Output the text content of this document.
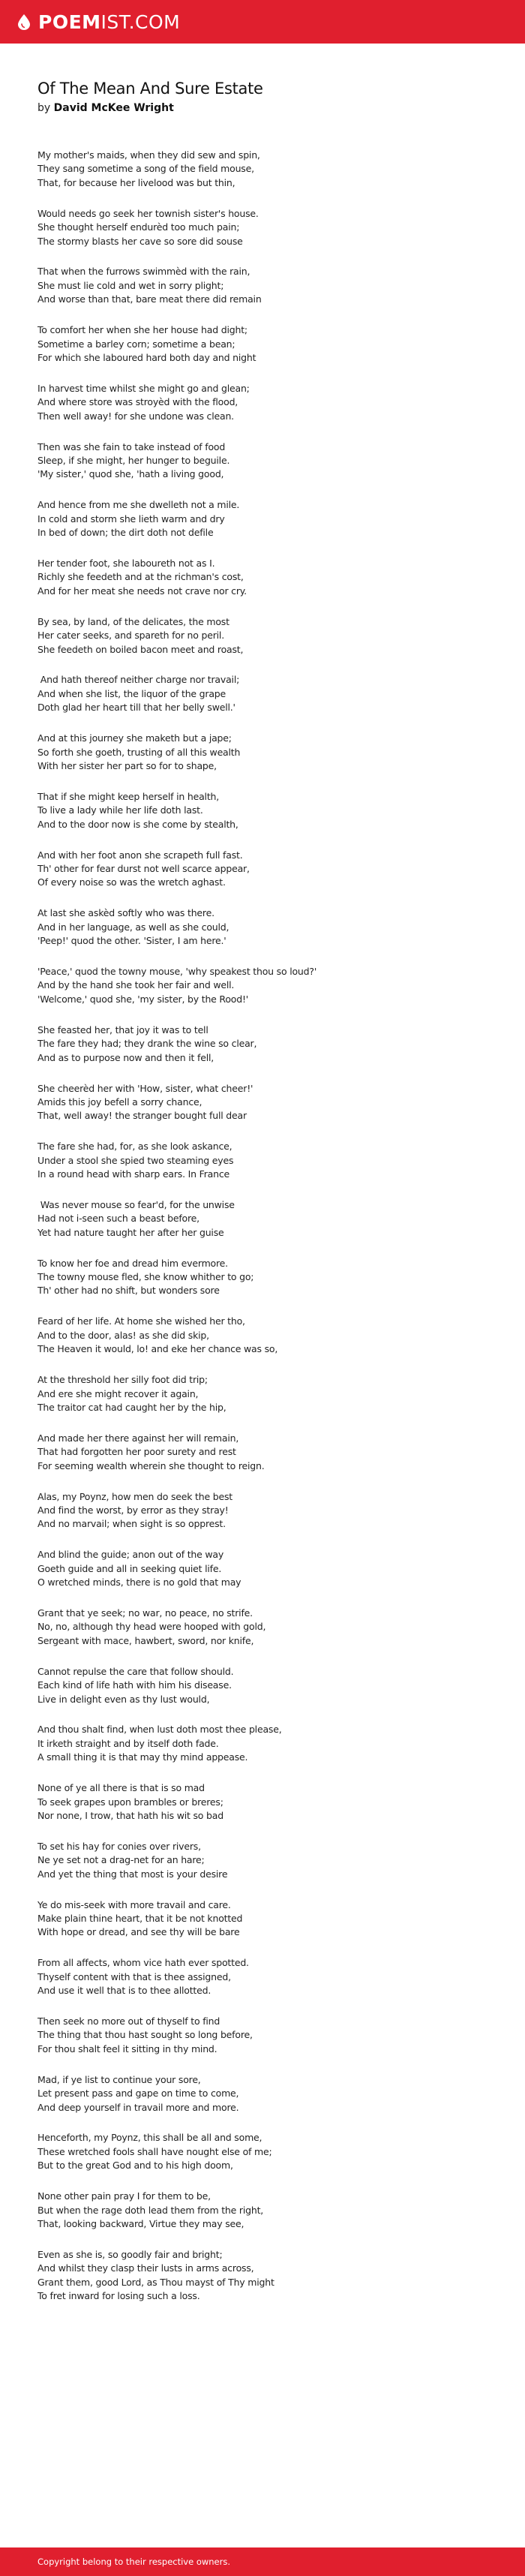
POEMIST.COM
Of The Mean And Sure Estate
by David McKee Wright

My mother's maids, when they did sew and spin,
They sang sometime a song of the field mouse,
That, for because her livelood was but thin,

Would needs go seek her townish sister's house.
She thought herself endurèd too much pain;
The stormy blasts her cave so sore did souse

That when the furrows swimmèd with the rain,
She must lie cold and wet in sorry plight;
And worse than that, bare meat there did remain

To comfort her when she her house had dight;
Sometime a barley corn; sometime a bean;
For which she laboured hard both day and night

In harvest time whilst she might go and glean;
And where store was stroyèd with the flood,
Then well away! for she undone was clean.

Then was she fain to take instead of food
Sleep, if she might, her hunger to beguile.
'My sister,' quod she, 'hath a living good,

And hence from me she dwelleth not a mile.
In cold and storm she lieth warm and dry
In bed of down; the dirt doth not defile

Her tender foot, she laboureth not as I.
Richly she feedeth and at the richman's cost,
And for her meat she needs not crave nor cry.

By sea, by land, of the delicates, the most
Her cater seeks, and spareth for no peril.
She feedeth on boiled bacon meet and roast,

And hath thereof neither charge nor travail;
And when she list, the liquor of the grape
Doth glad her heart till that her belly swell.'

And at this journey she maketh but a jape;
So forth she goeth, trusting of all this wealth
With her sister her part so for to shape,

That if she might keep herself in health,
To live a lady while her life doth last.
And to the door now is she come by stealth,

And with her foot anon she scrapeth full fast.
Th' other for fear durst not well scarce appear,
Of every noise so was the wretch aghast.

At last she askèd softly who was there.
And in her language, as well as she could,
'Peep!' quod the other. 'Sister, I am here.'

'Peace,' quod the towny mouse, 'why speakest thou so loud?'
And by the hand she took her fair and well.
'Welcome,' quod she, 'my sister, by the Rood!'

She feasted her, that joy it was to tell
The fare they had; they drank the wine so clear,
And as to purpose now and then it fell,

She cheerèd her with 'How, sister, what cheer!'
Amids this joy befell a sorry chance,
That, well away! the stranger bought full dear

The fare she had, for, as she look askance,
Under a stool she spied two steaming eyes
In a round head with sharp ears. In France

Was never mouse so fear'd, for the unwise
Had not i-seen such a beast before,
Yet had nature taught her after her guise

To know her foe and dread him evermore.
The towny mouse fled, she know whither to go;
Th' other had no shift, but wonders sore

Feard of her life. At home she wished her tho,
And to the door, alas! as she did skip,
The Heaven it would, lo! and eke her chance was so,

At the threshold her silly foot did trip;
And ere she might recover it again,
The traitor cat had caught her by the hip,

And made her there against her will remain,
That had forgotten her poor surety and rest
For seeming wealth wherein she thought to reign.

Alas, my Poynz, how men do seek the best
And find the worst, by error as they stray!
And no marvail; when sight is so opprest.

And blind the guide; anon out of the way
Goeth guide and all in seeking quiet life.
O wretched minds, there is no gold that may

Grant that ye seek; no war, no peace, no strife.
No, no, although thy head were hooped with gold,
Sergeant with mace, hawbert, sword, nor knife,

Cannot repulse the care that follow should.
Each kind of life hath with him his disease.
Live in delight even as thy lust would,

And thou shalt find, when lust doth most thee please,
It irketh straight and by itself doth fade.
A small thing it is that may thy mind appease.

None of ye all there is that is so mad
To seek grapes upon brambles or breres;
Nor none, I trow, that hath his wit so bad

To set his hay for conies over rivers,
Ne ye set not a drag-net for an hare;
And yet the thing that most is your desire

Ye do mis-seek with more travail and care.
Make plain thine heart, that it be not knotted
With hope or dread, and see thy will be bare

From all affects, whom vice hath ever spotted.
Thyself content with that is thee assigned,
And use it well that is to thee allotted.

Then seek no more out of thyself to find
The thing that thou hast sought so long before,
For thou shalt feel it sitting in thy mind.

Mad, if ye list to continue your sore,
Let present pass and gape on time to come,
And deep yourself in travail more and more.

Henceforth, my Poynz, this shall be all and some,
These wretched fools shall have nought else of me;
But to the great God and to his high doom,

None other pain pray I for them to be,
But when the rage doth lead them from the right,
That, looking backward, Virtue they may see,

Even as she is, so goodly fair and bright;
And whilst they clasp their lusts in arms across,
Grant them, good Lord, as Thou mayst of Thy might
To fret inward for losing such a loss.

Copyright belong to their respective owners.
